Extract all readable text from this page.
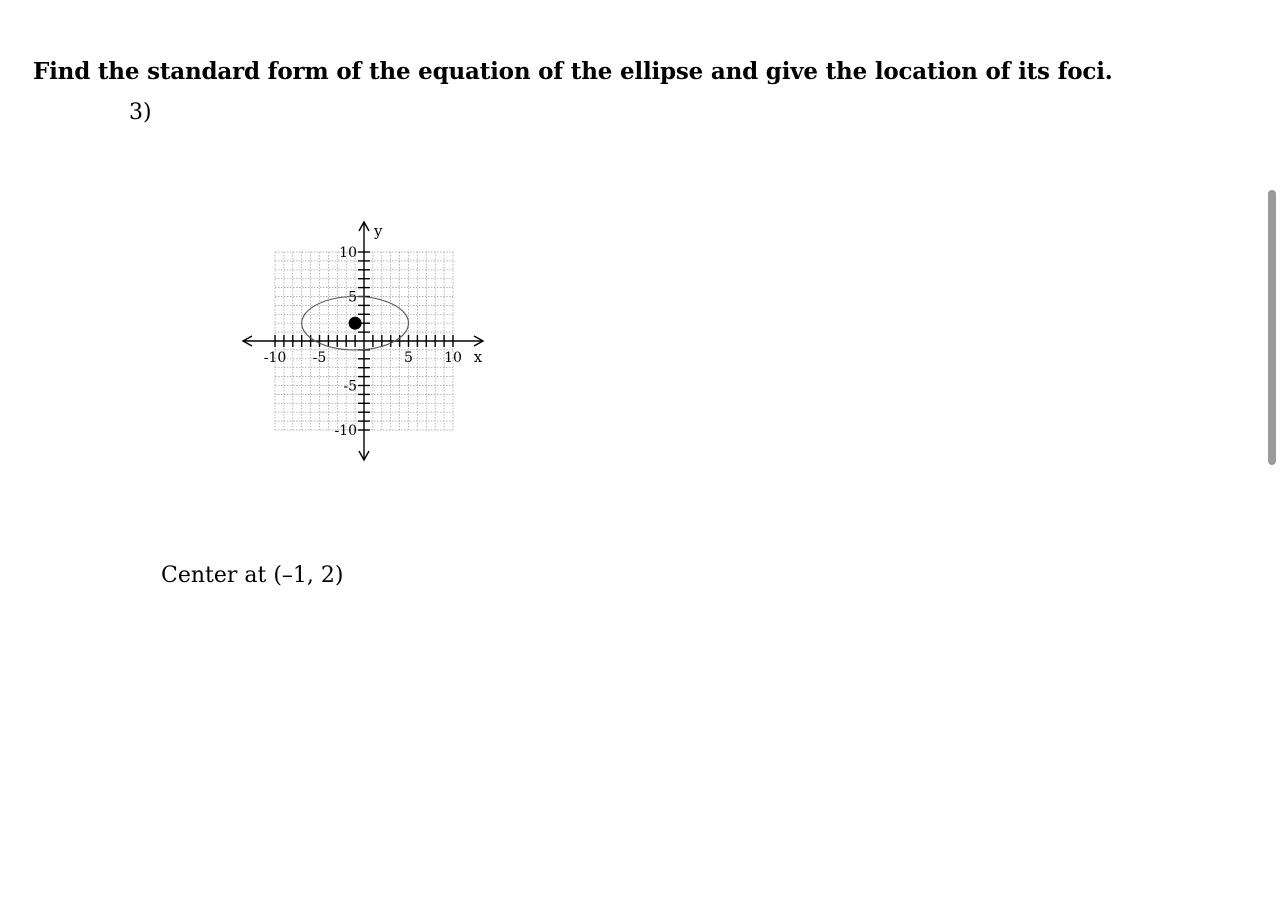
Find the standard form of the equation of the ellipse and give the location of its foci.

3)
-10 -5	5 10
10
5
-5
-10
x
y
Center at (–1, 2)
